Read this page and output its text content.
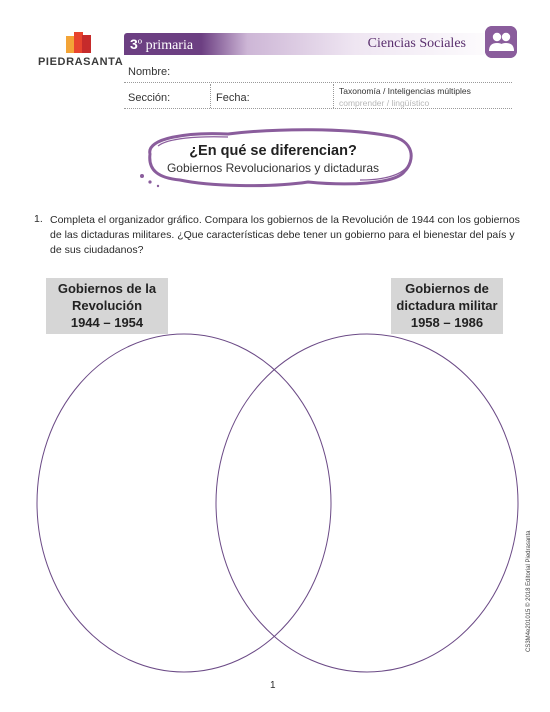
PIEDRASANTA
3º primaria	Ciencias Sociales
Nombre:
Sección:	Fecha:
Taxonomía / Inteligencias múltiples
comprender / lingüístico
¿En qué se diferencian?
Gobiernos Revolucionarios y dictaduras
1. Completa el organizador gráfico. Compara los gobiernos de la Revolución de 1944 con los gobiernos de las dictaduras militares. ¿Que características debe tener un gobierno para el bienestar del país y de sus ciudadanos?
Gobiernos de la
Revolución
1944 – 1954
Gobiernos de
dictadura militar
1958 – 1986
1
CS3M4e201015 © 2018 Editorial Piedrasanta
